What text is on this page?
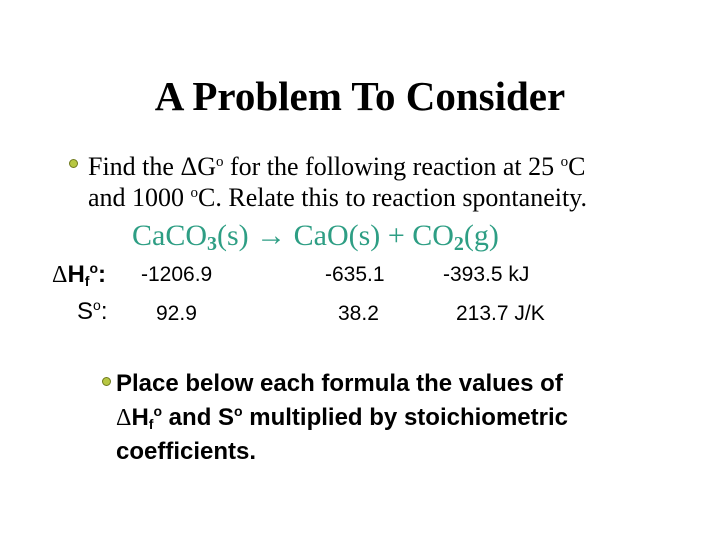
A Problem To Consider
Find the $\Delta G^o$ for the following reaction at 25 $^o$C
and 1000 $^o$C. Relate this to reaction spontaneity.
CaCO$_3$(s) → $CaO(s) + CO_2(g)$
ΔHf$^o$: -1206.9	-635.1	-393.5 kJ
$S^o$: 92.9	38.2	213.7 J/K
Place below each formula the values of
ΔHf$^o$ and $S^o$ multiplied by stoichiometric
coefficients.
